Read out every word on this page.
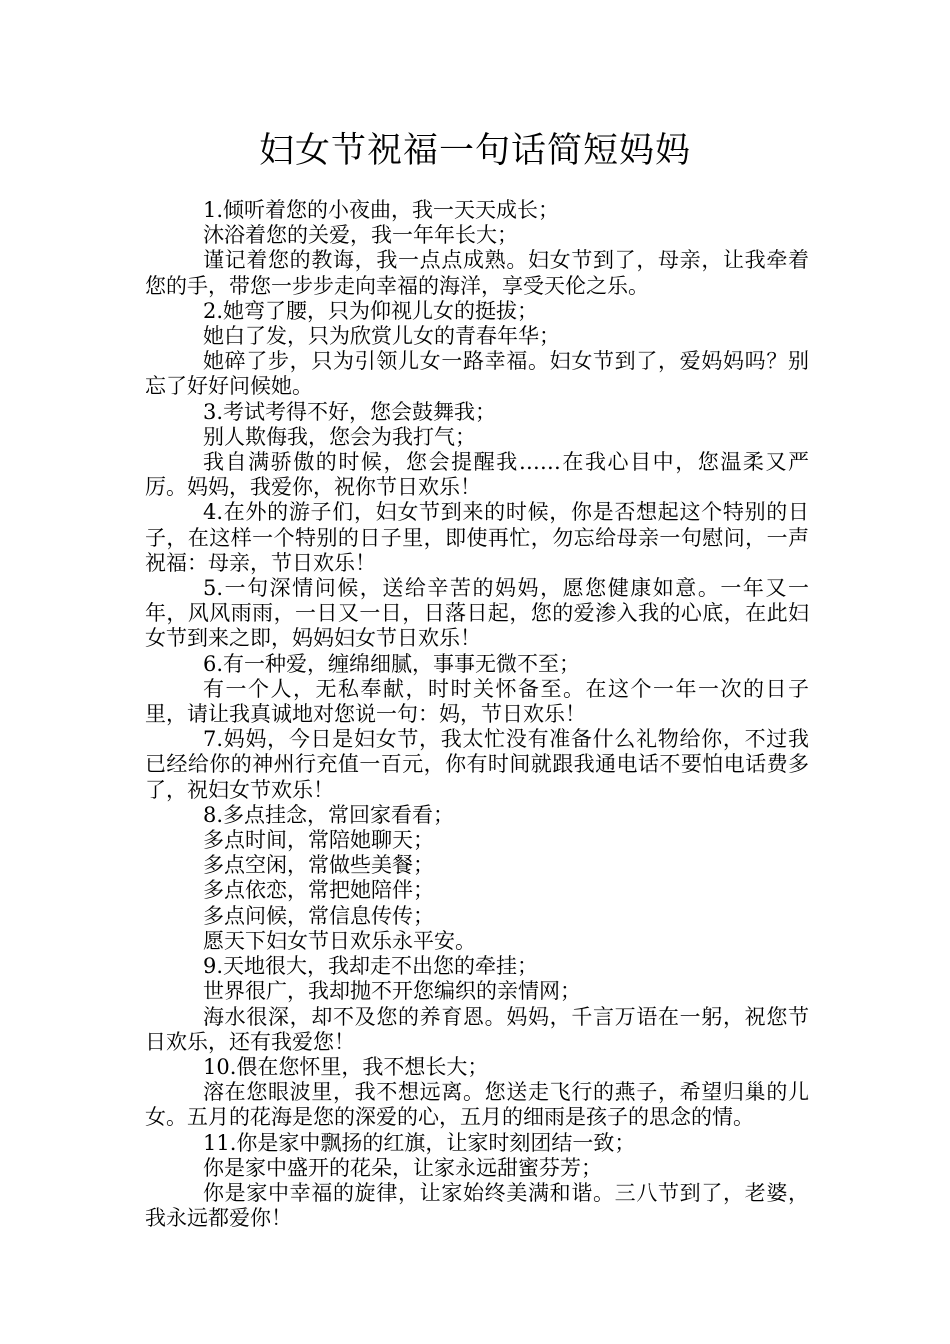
妇女节祝福一句话简短妈妈

1.倾听着您的小夜曲，我一天天成长；

沐浴着您的关爱，我一年年长大；

谨记着您的教诲，我一点点成熟。妇女节到了，母亲，让我牵着您的手，带您一步步走向幸福的海洋，享受天伦之乐。

2.她弯了腰，只为仰视儿女的挺拔；

她白了发，只为欣赏儿女的青春年华；

她碎了步，只为引领儿女一路幸福。妇女节到了，爱妈妈吗？别忘了好好问候她。

3.考试考得不好，您会鼓舞我；

别人欺侮我，您会为我打气；

我自满骄傲的时候，您会提醒我……在我心目中，您温柔又严厉。妈妈，我爱你，祝你节日欢乐！

4.在外的游子们，妇女节到来的时候，你是否想起这个特别的日子，在这样一个特别的日子里，即使再忙，勿忘给母亲一句慰问，一声祝福：母亲，节日欢乐！

5.一句深情问候，送给辛苦的妈妈，愿您健康如意。一年又一年，风风雨雨，一日又一日，日落日起，您的爱渗入我的心底，在此妇女节到来之即，妈妈妇女节日欢乐！

6.有一种爱，缠绵细腻，事事无微不至；

有一个人，无私奉献，时时关怀备至。在这个一年一次的日子里，请让我真诚地对您说一句：妈，节日欢乐！

7.妈妈，今日是妇女节，我太忙没有准备什么礼物给你，不过我已经给你的神州行充值一百元，你有时间就跟我通电话不要怕电话费多了，祝妇女节欢乐！

8.多点挂念，常回家看看；

多点时间，常陪她聊天；

多点空闲，常做些美餐；

多点依恋，常把她陪伴；

多点问候，常信息传传；

愿天下妇女节日欢乐永平安。

9.天地很大，我却走不出您的牵挂；

世界很广，我却抛不开您编织的亲情网；

海水很深，却不及您的养育恩。妈妈，千言万语在一躬，祝您节日欢乐，还有我爱您！

10.偎在您怀里，我不想长大；

溶在您眼波里，我不想远离。您送走飞行的燕子，希望归巢的儿女。五月的花海是您的深爱的心，五月的细雨是孩子的思念的情。

11.你是家中飘扬的红旗，让家时刻团结一致；

你是家中盛开的花朵，让家永远甜蜜芬芳；

你是家中幸福的旋律，让家始终美满和谐。三八节到了，老婆，我永远都爱你！
